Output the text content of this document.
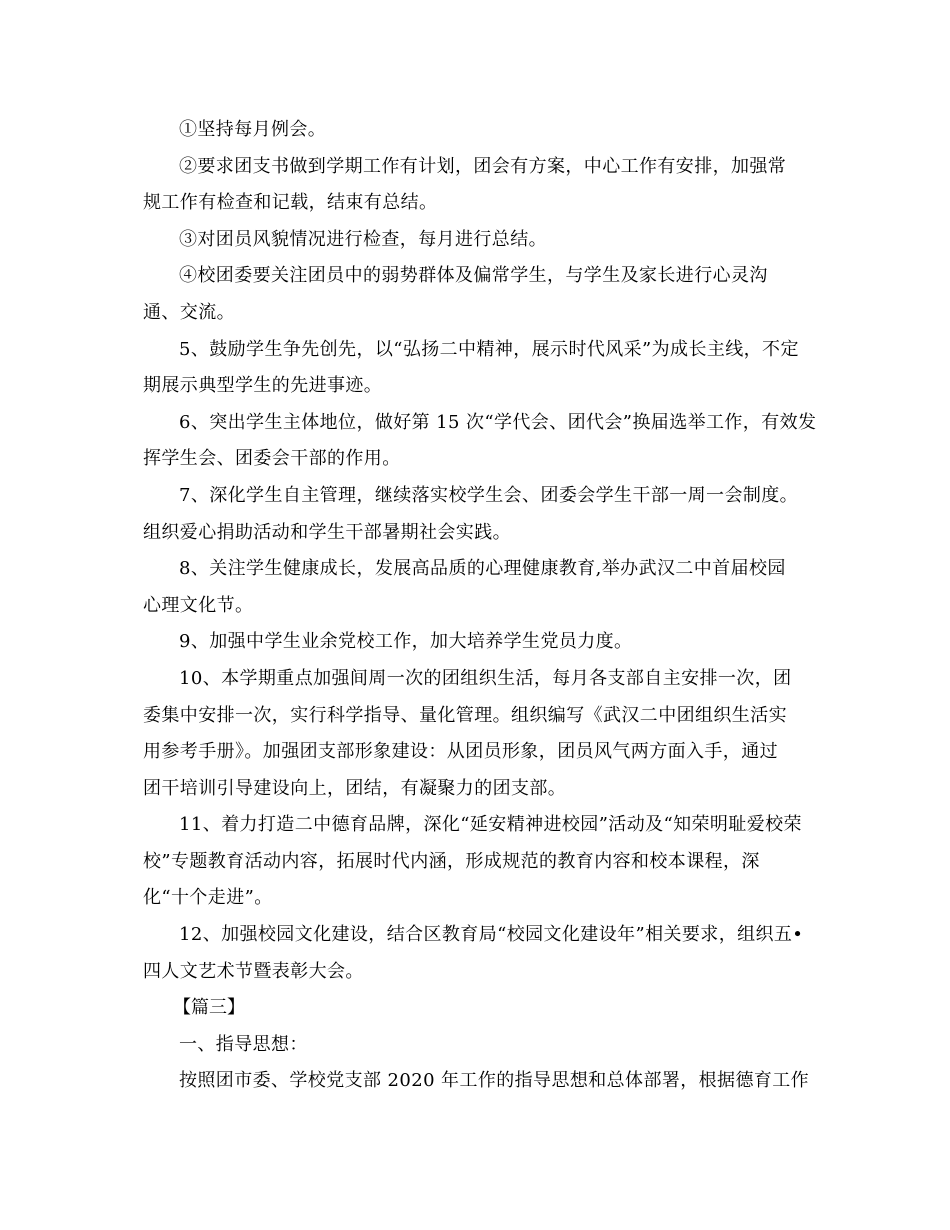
①坚持每月例会。

②要求团支书做到学期工作有计划，团会有方案，中心工作有安排，加强常
规工作有检查和记载，结束有总结。

③对团员风貌情况进行检查，每月进行总结。

④校团委要关注团员中的弱势群体及偏常学生，与学生及家长进行心灵沟
通、交流。

5、鼓励学生争先创先，以“弘扬二中精神，展示时代风采”为成长主线，不定
期展示典型学生的先进事迹。

6、突出学生主体地位，做好第 15 次“学代会、团代会”换届选举工作，有效发
挥学生会、团委会干部的作用。

7、深化学生自主管理，继续落实校学生会、团委会学生干部一周一会制度。
组织爱心捐助活动和学生干部暑期社会实践。

8、关注学生健康成长，发展高品质的心理健康教育,举办武汉二中首届校园
心理文化节。

9、加强中学生业余党校工作，加大培养学生党员力度。

10、本学期重点加强间周一次的团组织生活，每月各支部自主安排一次，团
委集中安排一次，实行科学指导、量化管理。组织编写《武汉二中团组织生活实
用参考手册》。加强团支部形象建设：从团员形象，团员风气两方面入手，通过
团干培训引导建设向上，团结，有凝聚力的团支部。

11、着力打造二中德育品牌，深化“延安精神进校园”活动及“知荣明耻爱校荣
校”专题教育活动内容，拓展时代内涵，形成规范的教育内容和校本课程，深
化“十个走进”。

12、加强校园文化建设，结合区教育局“校园文化建设年”相关要求，组织五•
四人文艺术节暨表彰大会。

【篇三】

一、指导思想：

按照团市委、学校党支部 2020 年工作的指导思想和总体部署，根据德育工作
